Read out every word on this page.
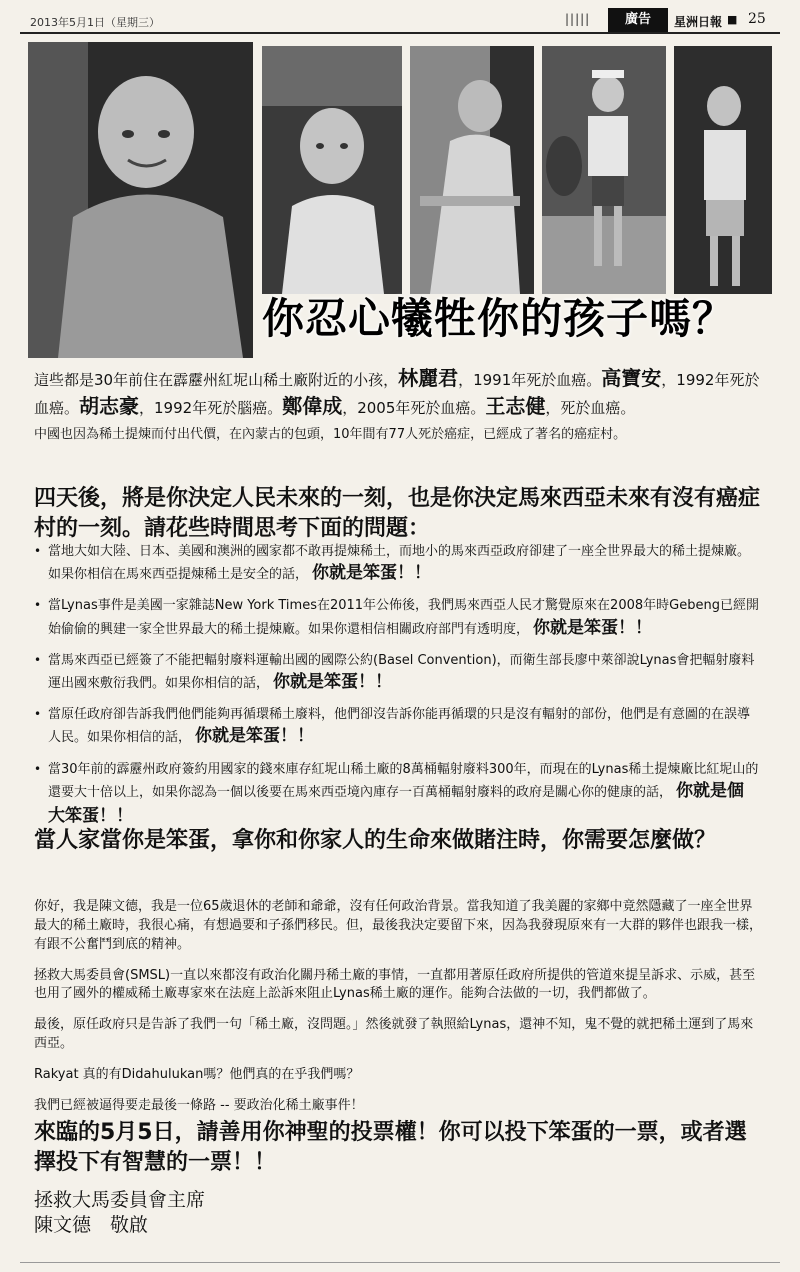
2013年5月1日（星期三）	|||||	廣告	星洲日報 ■ 25
你忍心犧牲你的孩子嗎？

這些都是30年前住在霹靂州紅坭山稀土廠附近的小孩，林麗君，1991年死於血癌。高寶安，1992年死於血癌。胡志豪，1992年死於腦癌。鄭偉成，2005年死於血癌。王志健，死於血癌。

中國也因為稀土提煉而付出代價，在內蒙古的包頭，10年間有77人死於癌症，已經成了著名的癌症村。

四天後，將是你決定人民未來的一刻，也是你決定馬來西亞未來有沒有癌症村的一刻。請花些時間思考下面的問題：
• 當地大如大陸、日本、美國和澳洲的國家都不敢再提煉稀土，而地小的馬來西亞政府卻建了一座全世界最大的稀土提煉廠。如果你相信在馬來西亞提煉稀土是安全的話， 你就是笨蛋！！
• 當Lynas事件是美國一家雜誌New York Times在2011年公佈後，我們馬來西亞人民才驚覺原來在2008年時Gebeng已經開始偷偷的興建一家全世界最大的稀土提煉廠。如果你還相信相關政府部門有透明度， 你就是笨蛋！！
• 當馬來西亞已經簽了不能把輻射廢料運輸出國的國際公約(Basel Convention)，而衛生部長廖中萊卻說Lynas會把輻射廢料運出國來敷衍我們。如果你相信的話， 你就是笨蛋！！
• 當原任政府卻告訴我們他們能夠再循環稀土廢料，他們卻沒告訴你能再循環的只是沒有輻射的部份，他們是有意圖的在誤導人民。如果你相信的話， 你就是笨蛋！！
• 當30年前的霹靂州政府簽約用國家的錢來庫存紅坭山稀土廠的8萬桶輻射廢料300年，而現在的Lynas稀土提煉廠比紅坭山的還要大十倍以上，如果你認為一個以後要在馬來西亞境內庫存一百萬桶輻射廢料的政府是關心你的健康的話， 你就是個大笨蛋！！
當人家當你是笨蛋，拿你和你家人的生命來做賭注時，你需要怎麼做？

你好，我是陳文德，我是一位65歲退休的老師和爺爺，沒有任何政治背景。當我知道了我美麗的家鄉中竟然隱藏了一座全世界最大的稀土廠時，我很心痛，有想過要和子孫們移民。但，最後我決定要留下來，因為我發現原來有一大群的夥伴也跟我一樣，有跟不公奮鬥到底的精神。

拯救大馬委員會(SMSL)一直以來都沒有政治化關丹稀土廠的事情，一直都用著原任政府所提供的管道來提呈訴求、示威，甚至也用了國外的權威稀土廠專家來在法庭上訟訴來阻止Lynas稀土廠的運作。能夠合法做的一切，我們都做了。

最後，原任政府只是告訴了我們一句「稀土廠，沒問題。」然後就發了執照給Lynas，還神不知，鬼不覺的就把稀土運到了馬來西亞。

Rakyat 真的有Didahulukan嗎？他們真的在乎我們嗎？

我們已經被逼得要走最後一條路 -- 要政治化稀土廠事件！

來臨的5月5日，請善用你神聖的投票權！你可以投下笨蛋的一票，或者選擇投下有智慧的一票！！
拯救大馬委員會主席
陳文德　敬啟
